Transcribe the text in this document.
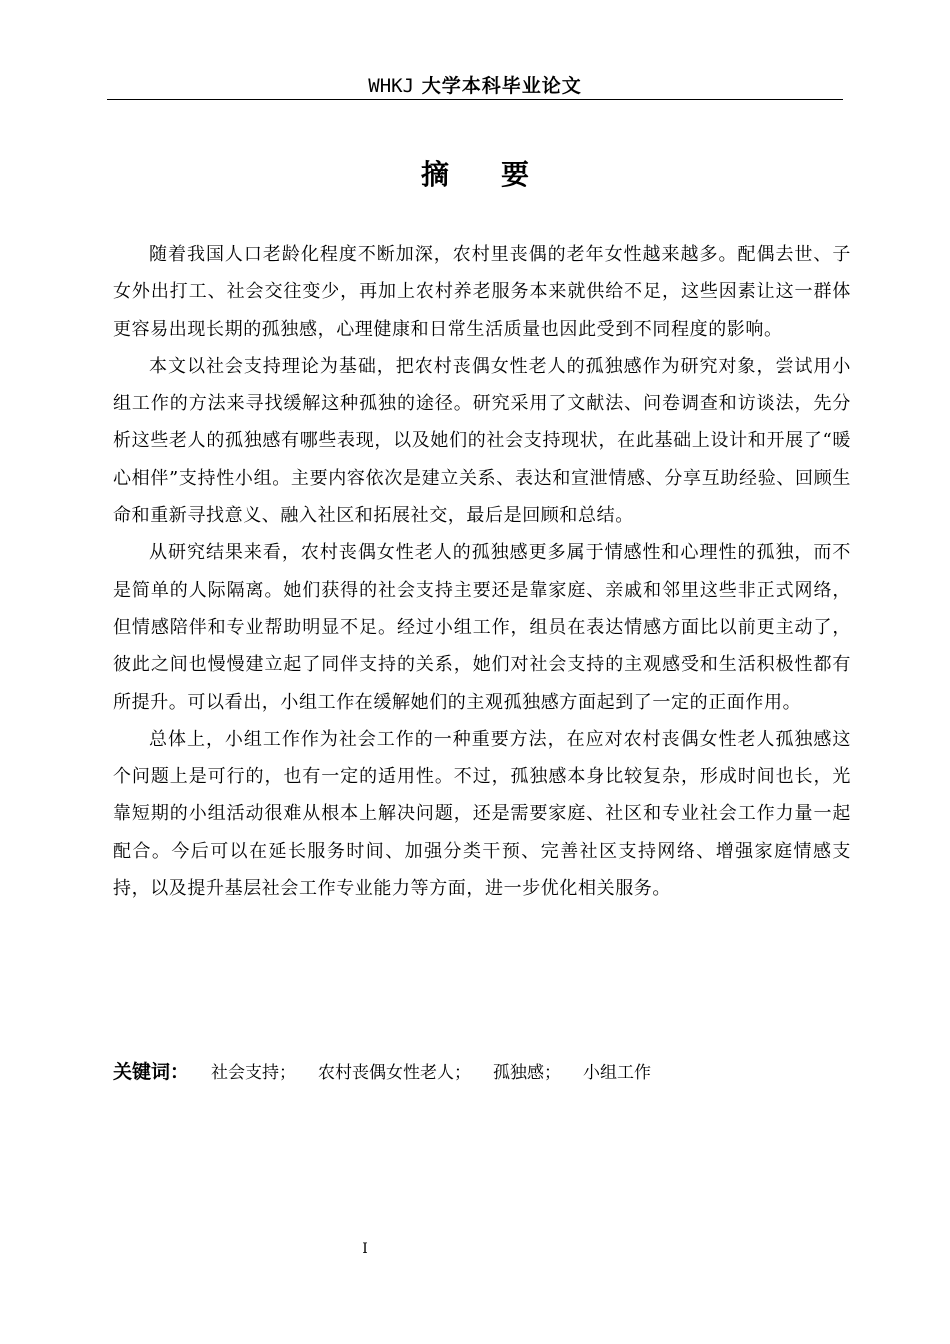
WHKJ 大学本科毕业论文
摘要

随着我国人口老龄化程度不断加深，农村里丧偶的老年女性越来越多。配偶去世、子女外出打工、社会交往变少，再加上农村养老服务本来就供给不足，这些因素让这一群体更容易出现长期的孤独感，心理健康和日常生活质量也因此受到不同程度的影响。

本文以社会支持理论为基础，把农村丧偶女性老人的孤独感作为研究对象，尝试用小组工作的方法来寻找缓解这种孤独的途径。研究采用了文献法、问卷调查和访谈法，先分析这些老人的孤独感有哪些表现，以及她们的社会支持现状，在此基础上设计和开展了“暖心相伴”支持性小组。主要内容依次是建立关系、表达和宣泄情感、分享互助经验、回顾生命和重新寻找意义、融入社区和拓展社交，最后是回顾和总结。

从研究结果来看，农村丧偶女性老人的孤独感更多属于情感性和心理性的孤独，而不是简单的人际隔离。她们获得的社会支持主要还是靠家庭、亲戚和邻里这些非正式网络，但情感陪伴和专业帮助明显不足。经过小组工作，组员在表达情感方面比以前更主动了，彼此之间也慢慢建立起了同伴支持的关系，她们对社会支持的主观感受和生活积极性都有所提升。可以看出，小组工作在缓解她们的主观孤独感方面起到了一定的正面作用。

总体上，小组工作作为社会工作的一种重要方法，在应对农村丧偶女性老人孤独感这个问题上是可行的，也有一定的适用性。不过，孤独感本身比较复杂，形成时间也长，光靠短期的小组活动很难从根本上解决问题，还是需要家庭、社区和专业社会工作力量一起配合。今后可以在延长服务时间、加强分类干预、完善社区支持网络、增强家庭情感支持，以及提升基层社会工作专业能力等方面，进一步优化相关服务。

关键词： 社会支持； 农村丧偶女性老人； 孤独感； 小组工作
I
